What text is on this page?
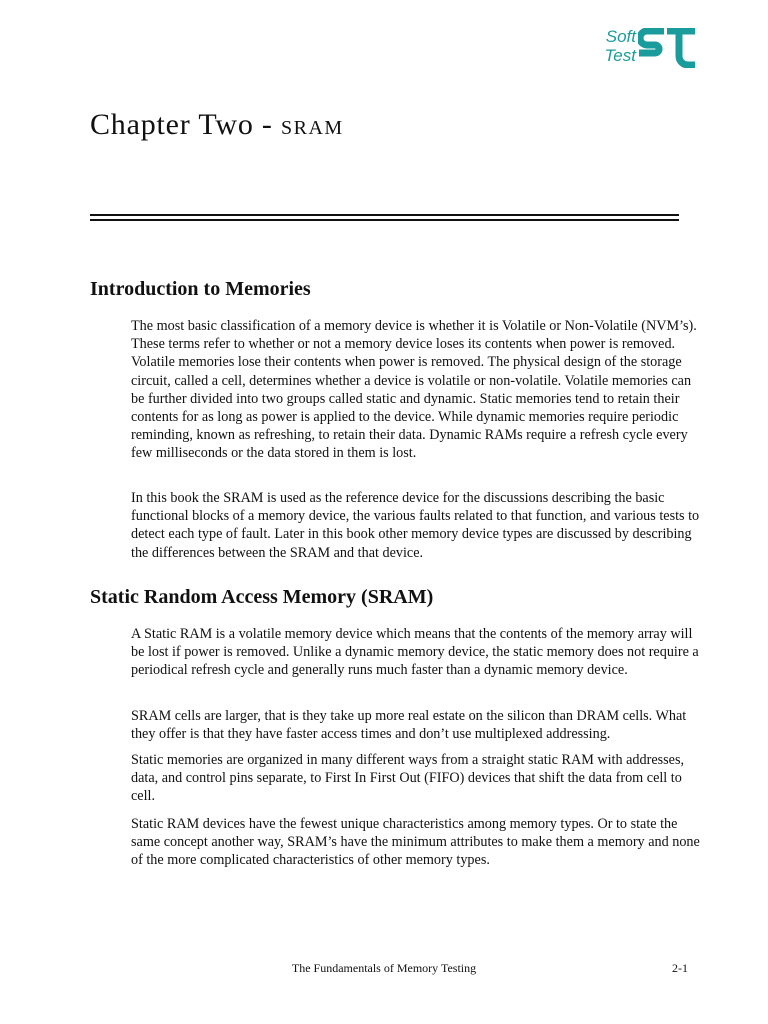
Soft
Test
Chapter Two - SRAM
Introduction to Memories

The most basic classification of a memory device is whether it is Volatile or Non-Volatile (NVM’s). These terms refer to whether or not a memory device loses its contents when power is removed. Volatile memories lose their contents when power is removed. The physical design of the storage circuit, called a cell, determines whether a device is volatile or non-volatile. Volatile memories can be further divided into two groups called static and dynamic. Static memories tend to retain their contents for as long as power is applied to the device. While dynamic memories require periodic reminding, known as refreshing, to retain their data. Dynamic RAMs require a refresh cycle every few milliseconds or the data stored in them is lost.

In this book the SRAM is used as the reference device for the discussions describing the basic functional blocks of a memory device, the various faults related to that function, and various tests to detect each type of fault. Later in this book other memory device types are discussed by describing the differences between the SRAM and that device.

Static Random Access Memory (SRAM)

A Static RAM is a volatile memory device which means that the contents of the memory array will be lost if power is removed. Unlike a dynamic memory device, the static memory does not require a periodical refresh cycle and generally runs much faster than a dynamic memory device.

SRAM cells are larger, that is they take up more real estate on the silicon than DRAM cells. What they offer is that they have faster access times and don’t use multiplexed addressing.

Static memories are organized in many different ways from a straight static RAM with addresses, data, and control pins separate, to First In First Out (FIFO) devices that shift the data from cell to cell.

Static RAM devices have the fewest unique characteristics among memory types. Or to state the same concept another way, SRAM’s have the minimum attributes to make them a memory and none of the more complicated characteristics of other memory types.

The Fundamentals of Memory Testing	2-1
